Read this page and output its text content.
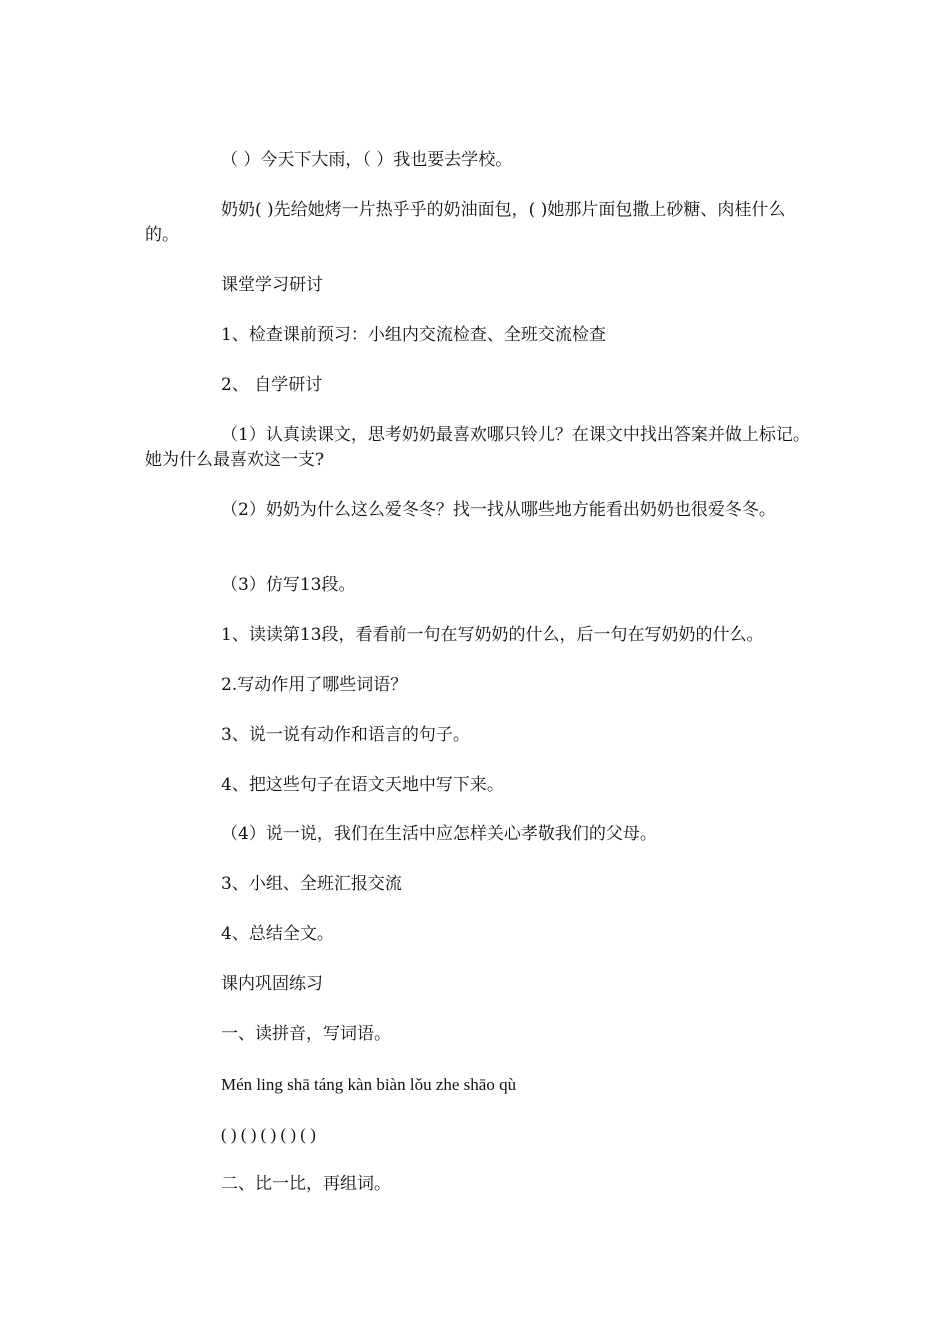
（ ）今天下大雨，（ ）我也要去学校。

奶奶( )先给她烤一片热乎乎的奶油面包，( )她那片面包撒上砂糖、肉桂什么的。

课堂学习研讨

1、检查课前预习：小组内交流检查、全班交流检查

2、 自学研讨

（1）认真读课文，思考奶奶最喜欢哪只铃儿？在课文中找出答案并做上标记。她为什么最喜欢这一支?

（2）奶奶为什么这么爱冬冬？找一找从哪些地方能看出奶奶也很爱冬冬。

（3）仿写13段。

1、读读第13段，看看前一句在写奶奶的什么，后一句在写奶奶的什么。

2.写动作用了哪些词语？

3、说一说有动作和语言的句子。

4、把这些句子在语文天地中写下来。

（4）说一说，我们在生活中应怎样关心孝敬我们的父母。

3、小组、全班汇报交流

4、总结全文。

课内巩固练习

一、读拼音，写词语。

Mén ling shā táng kàn biàn lǒu zhe shāo qù

( ) ( ) ( ) ( ) ( )

二、比一比，再组词。
